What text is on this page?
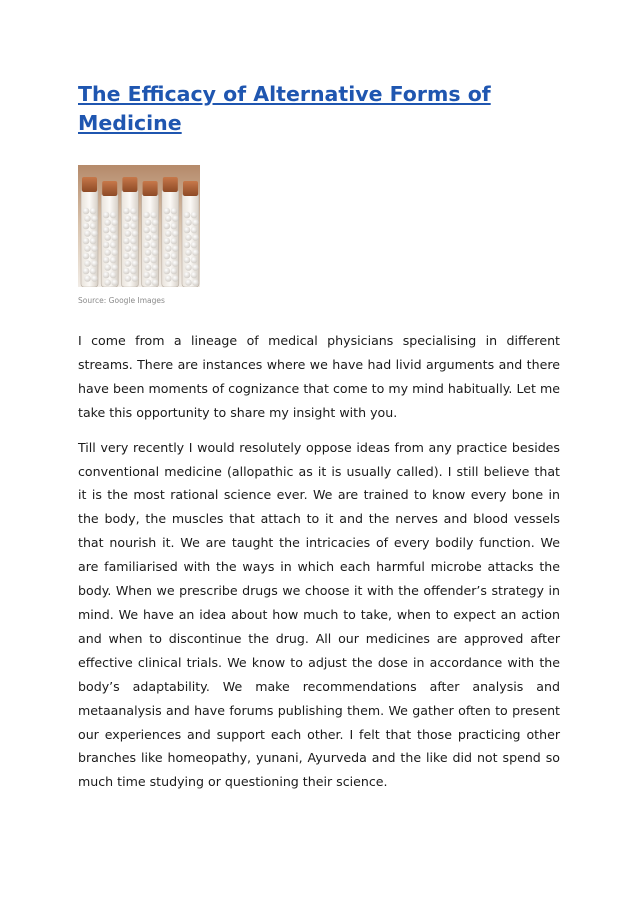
The Efficacy of Alternative Forms of Medicine

Source: Google Images

I come from a lineage of medical physicians specialising in different streams. There are instances where we have had livid arguments and there have been moments of cognizance that come to my mind habitually. Let me take this opportunity to share my insight with you.

Till very recently I would resolutely oppose ideas from any practice besides conventional medicine (allopathic as it is usually called). I still believe that it is the most rational science ever. We are trained to know every bone in the body, the muscles that attach to it and the nerves and blood vessels that nourish it. We are taught the intricacies of every bodily function. We are familiarised with the ways in which each harmful microbe attacks the body. When we prescribe drugs we choose it with the offender’s strategy in mind. We have an idea about how much to take, when to expect an action and when to discontinue the drug. All our medicines are approved after effective clinical trials. We know to adjust the dose in accordance with the body’s adaptability. We make recommendations after analysis and metaanalysis and have forums publishing them. We gather often to present our experiences and support each other. I felt that those practicing other branches like homeopathy, yunani, Ayurveda and the like did not spend so much time studying or questioning their science.
